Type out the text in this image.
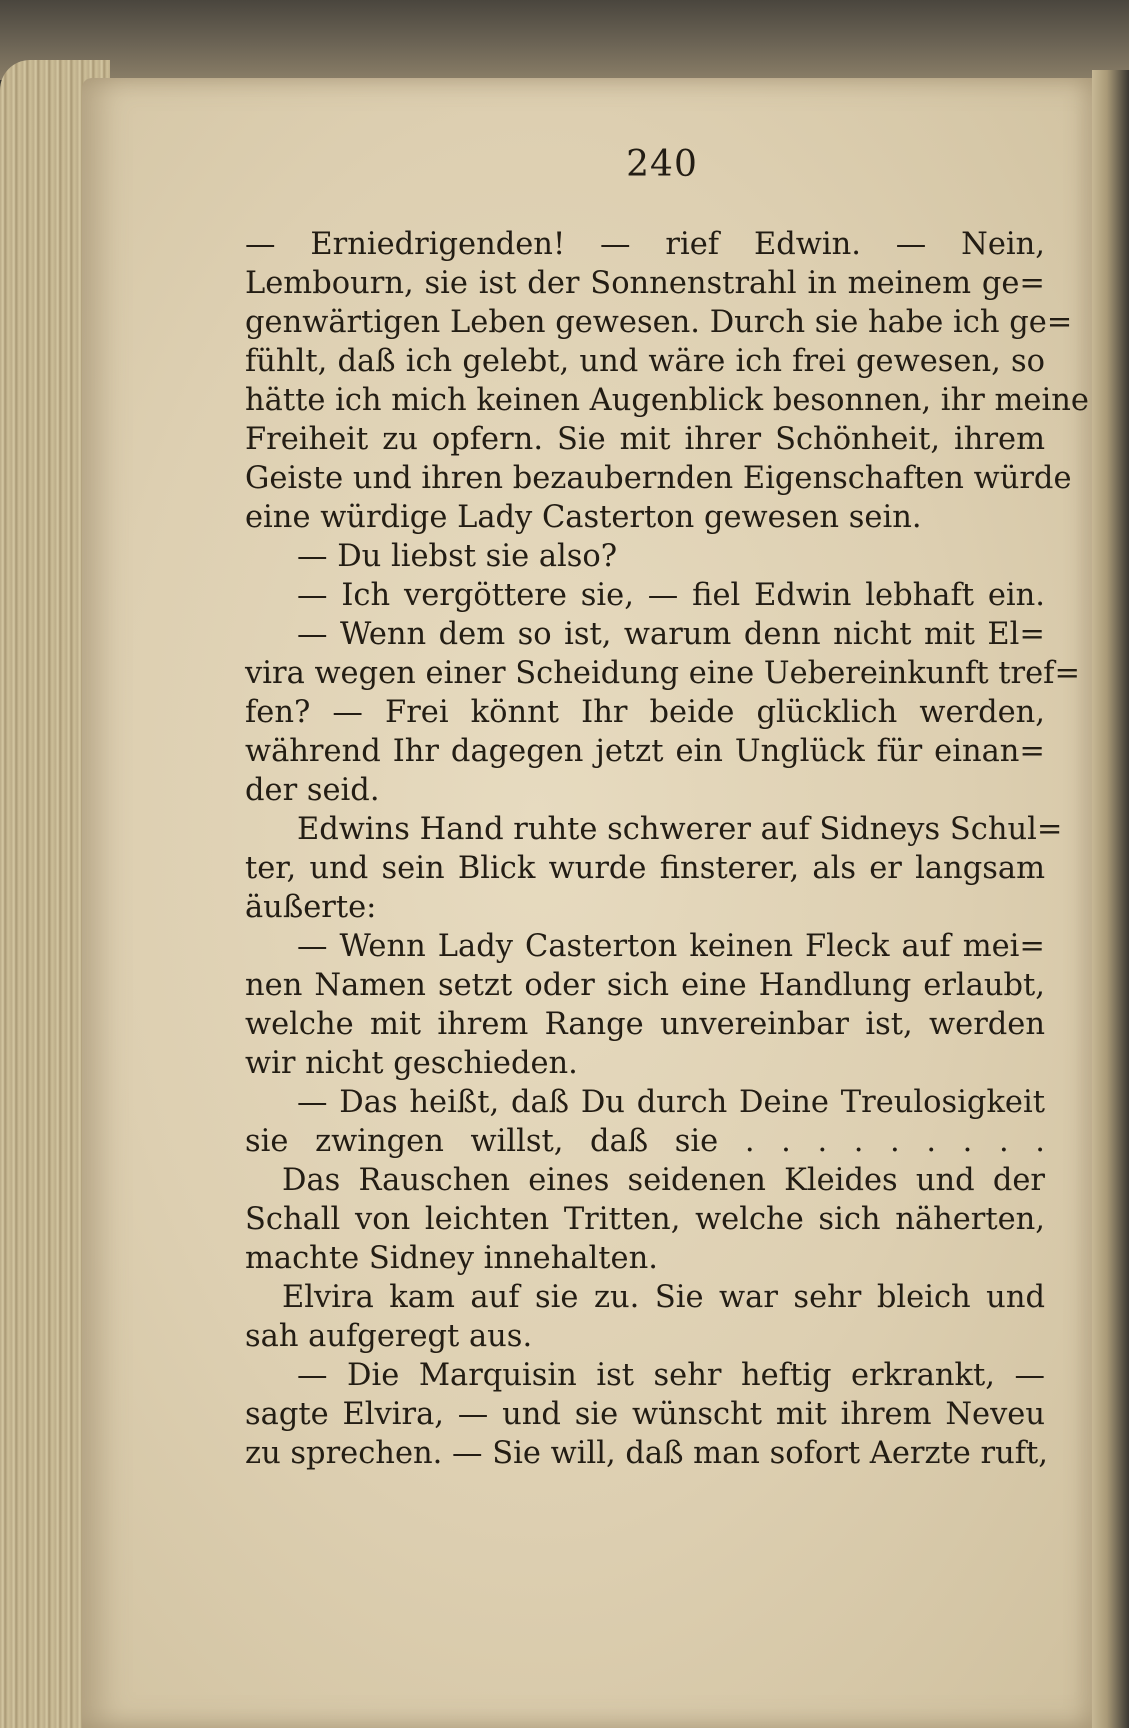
240
— Erniedrigenden! — rief Edwin. — Nein,
Lembourn, sie ist der Sonnenstrahl in meinem ge=
genwärtigen Leben gewesen. Durch sie habe ich ge=
fühlt, daß ich gelebt, und wäre ich frei gewesen, so
hätte ich mich keinen Augenblick besonnen, ihr meine
Freiheit zu opfern. Sie mit ihrer Schönheit, ihrem
Geiste und ihren bezaubernden Eigenschaften würde
eine würdige Lady Casterton gewesen sein.
— Du liebst sie also?
— Ich vergöttere sie, — fiel Edwin lebhaft ein.
— Wenn dem so ist, warum denn nicht mit El=
vira wegen einer Scheidung eine Uebereinkunft tref=
fen? — Frei könnt Ihr beide glücklich werden,
während Ihr dagegen jetzt ein Unglück für einan=
der seid.
Edwins Hand ruhte schwerer auf Sidneys Schul=
ter, und sein Blick wurde finsterer, als er langsam
äußerte:
— Wenn Lady Casterton keinen Fleck auf mei=
nen Namen setzt oder sich eine Handlung erlaubt,
welche mit ihrem Range unvereinbar ist, werden
wir nicht geschieden.
— Das heißt, daß Du durch Deine Treulosigkeit
sie zwingen willst, daß sie . . . . . . . . .
Das Rauschen eines seidenen Kleides und der
Schall von leichten Tritten, welche sich näherten,
machte Sidney innehalten.
Elvira kam auf sie zu. Sie war sehr bleich und
sah aufgeregt aus.
— Die Marquisin ist sehr heftig erkrankt, —
sagte Elvira, — und sie wünscht mit ihrem Neveu
zu sprechen. — Sie will, daß man sofort Aerzte ruft,
